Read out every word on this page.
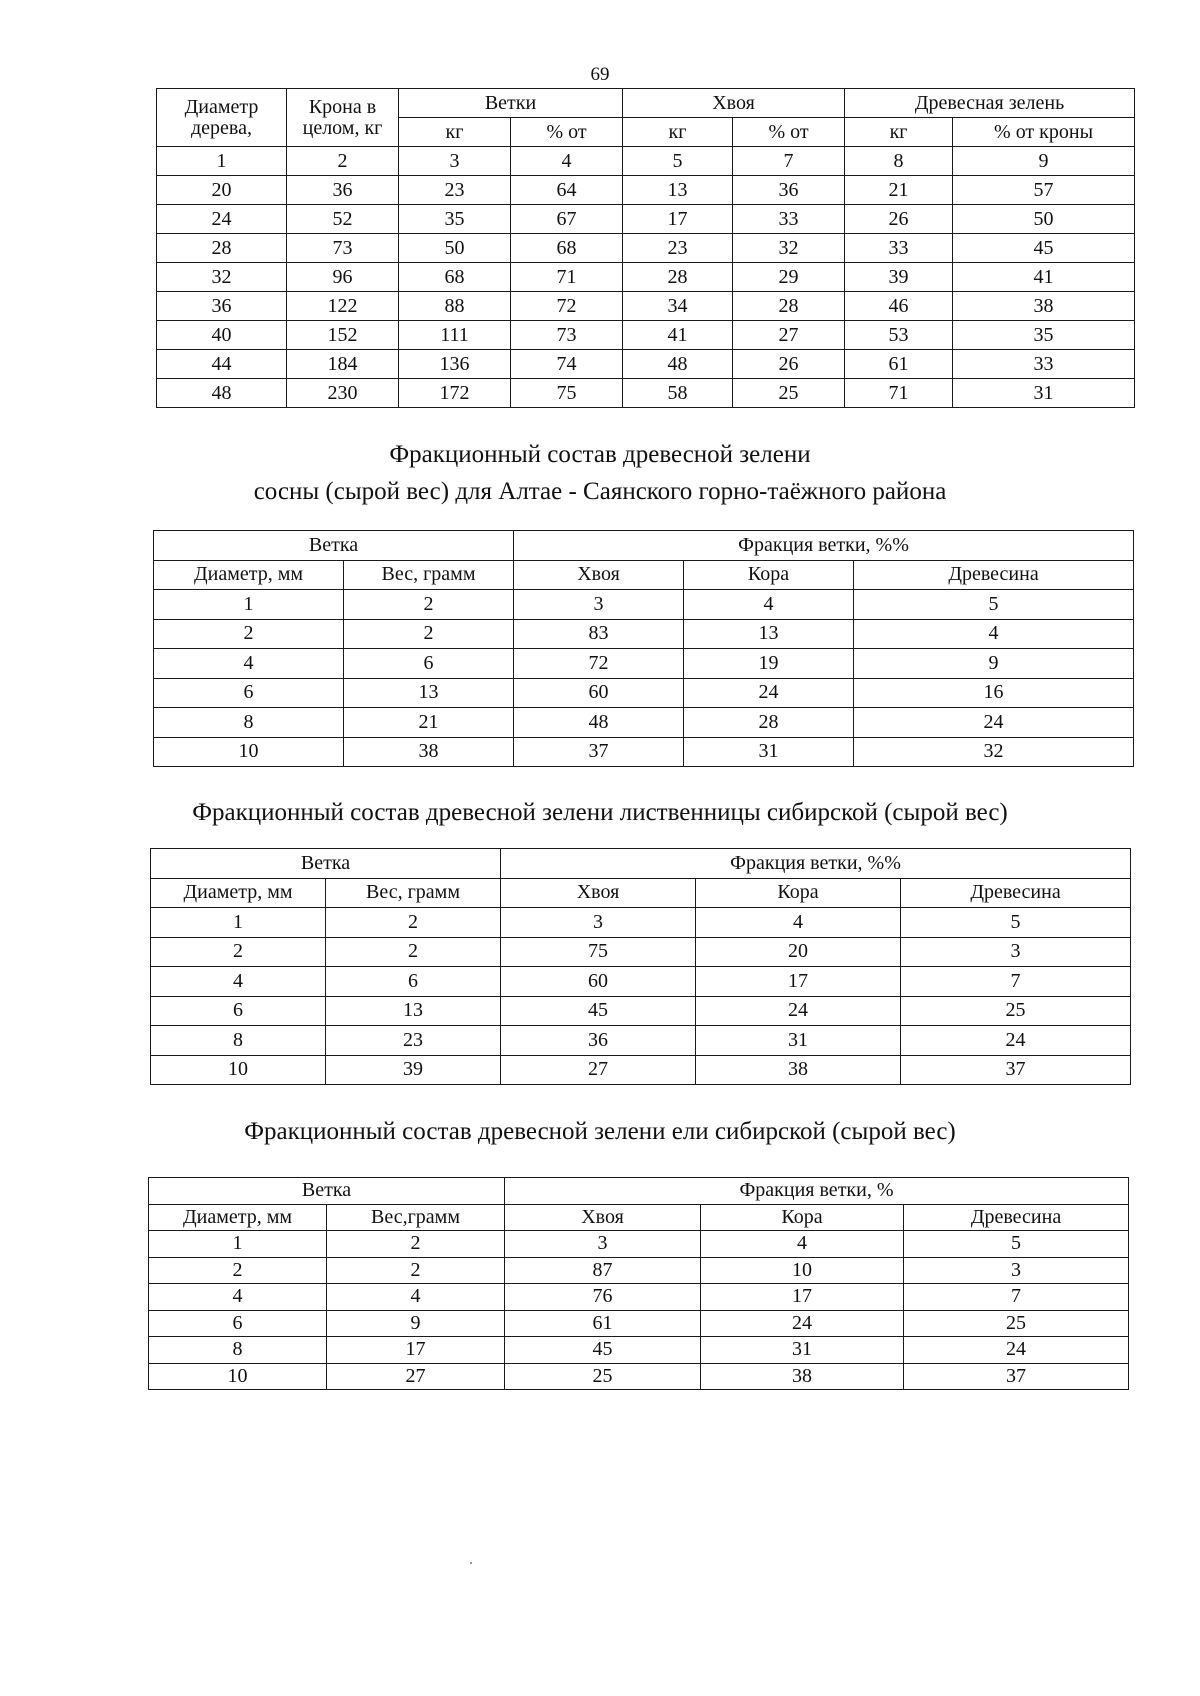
69
Диаметр дерева,	Крона в целом, кг	Ветки		Хвоя		Древесная зелень	
		кг	% от	кг	% от	кг	% от кроны
1	2	3	4	5	7	8	9
20	36	23	64	13	36	21	57
24	52	35	67	17	33	26	50
28	73	50	68	23	32	33	45
32	96	68	71	28	29	39	41
36	122	88	72	34	28	46	38
40	152	111	73	41	27	53	35
44	184	136	74	48	26	61	33
48	230	172	75	58	25	71	31
Фракционный состав древесной зелени
сосны (сырой вес) для Алтае - Саянского горно-таёжного района
Ветка		Фракция ветки, %%		
Диаметр, мм	Вес, грамм	Хвоя	Кора	Древесина
1	2	3	4	5
2	2	83	13	4
4	6	72	19	9
6	13	60	24	16
8	21	48	28	24
10	38	37	31	32
Фракционный состав древесной зелени лиственницы сибирской (сырой вес)
Ветка		Фракция ветки, %%		
Диаметр, мм	Вес, грамм	Хвоя	Кора	Древесина
1	2	3	4	5
2	2	75	20	3
4	6	60	17	7
6	13	45	24	25
8	23	36	31	24
10	39	27	38	37
Фракционный состав древесной зелени ели сибирской (сырой вес)
Ветка		Фракция ветки, %		
Диаметр, мм	Вес,грамм	Хвоя	Кора	Древесина
1	2	3	4	5
2	2	87	10	3
4	4	76	17	7
6	9	61	24	25
8	17	45	31	24
10	27	25	38	37
